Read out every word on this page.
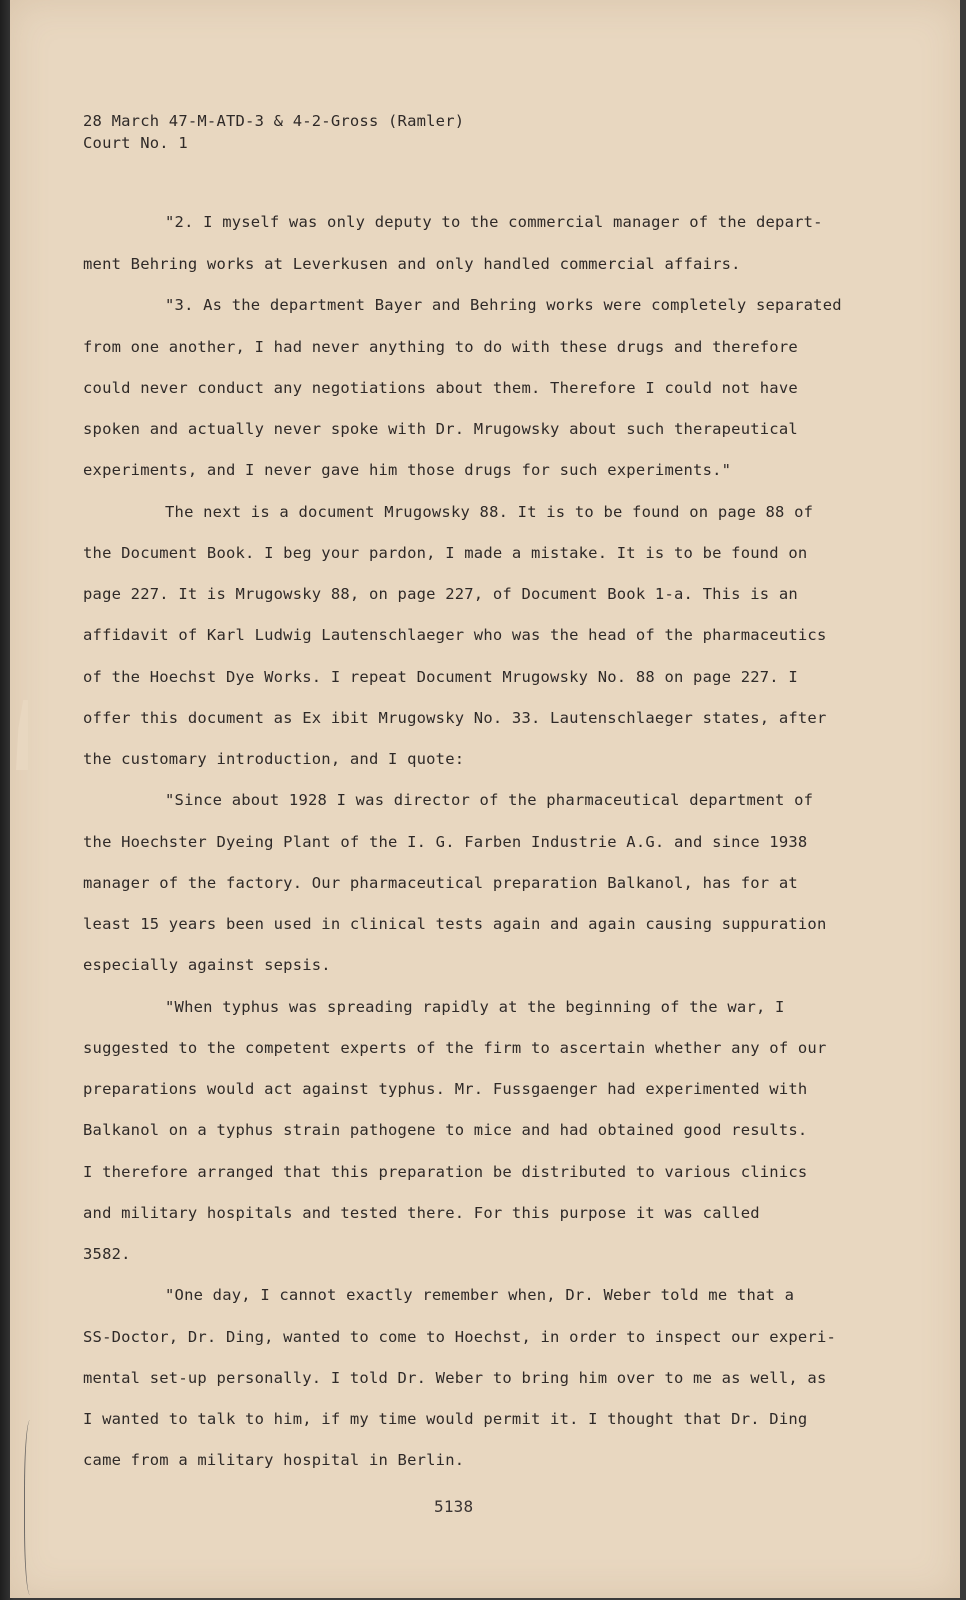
28 March 47-M-ATD-3 & 4-2-Gross (Ramler)
Court No. 1
"2. I myself was only deputy to the commercial manager of the depart-
ment Behring works at Leverkusen and only handled commercial affairs.
"3. As the department Bayer and Behring works were completely separated
from one another, I had never anything to do with these drugs and therefore
could never conduct any negotiations about them. Therefore I could not have
spoken and actually never spoke with Dr. Mrugowsky about such therapeutical
experiments, and I never gave him those drugs for such experiments."
The next is a document Mrugowsky 88. It is to be found on page 88 of
the Document Book. I beg your pardon, I made a mistake. It is to be found on
page 227. It is Mrugowsky 88, on page 227, of Document Book 1-a. This is an
affidavit of Karl Ludwig Lautenschlaeger who was the head of the pharmaceutics
of the Hoechst Dye Works. I repeat Document Mrugowsky No. 88 on page 227. I
offer this document as Ex ibit Mrugowsky No. 33. Lautenschlaeger states, after
the customary introduction, and I quote:
"Since about 1928 I was director of the pharmaceutical department of
the Hoechster Dyeing Plant of the I. G. Farben Industrie A.G. and since 1938
manager of the factory. Our pharmaceutical preparation Balkanol, has for at
least 15 years been used in clinical tests again and again causing suppuration
especially against sepsis.
"When typhus was spreading rapidly at the beginning of the war, I
suggested to the competent experts of the firm to ascertain whether any of our
preparations would act against typhus. Mr. Fussgaenger had experimented with
Balkanol on a typhus strain pathogene to mice and had obtained good results.
I therefore arranged that this preparation be distributed to various clinics
and military hospitals and tested there. For this purpose it was called
3582.
"One day, I cannot exactly remember when, Dr. Weber told me that a
SS-Doctor, Dr. Ding, wanted to come to Hoechst, in order to inspect our experi-
mental set-up personally. I told Dr. Weber to bring him over to me as well, as
I wanted to talk to him, if my time would permit it. I thought that Dr. Ding
came from a military hospital in Berlin.
5138
